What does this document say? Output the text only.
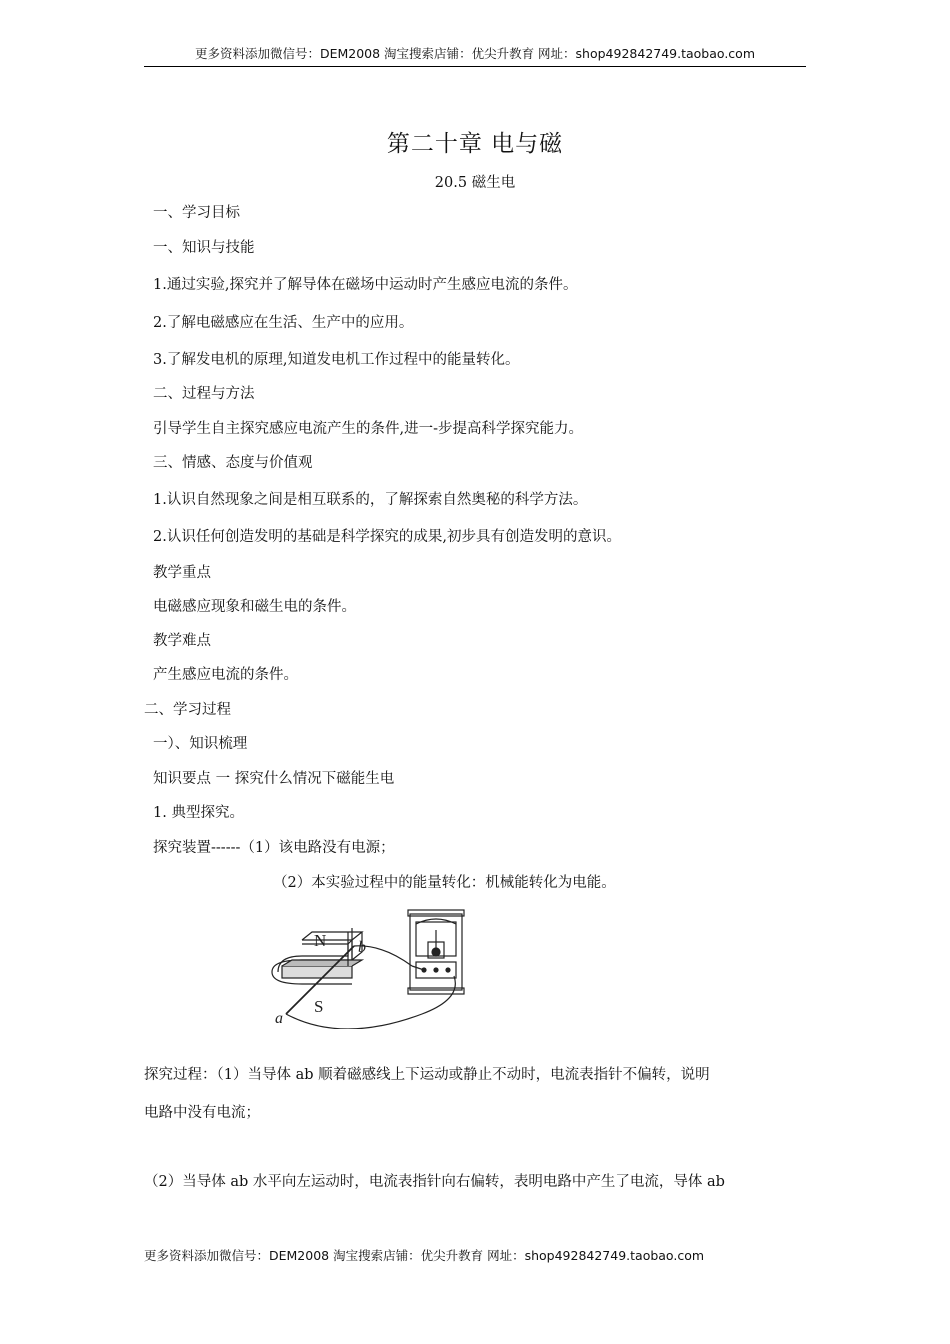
更多资料添加微信号：DEM2008 淘宝搜索店铺：优尖升教育 网址：shop492842749.taobao.com
第二十章 电与磁
20.5 磁生电
一、学习目标
一、知识与技能
1.通过实验,探究并了解导体在磁场中运动时产生感应电流的条件。
2.了解电磁感应在生活、生产中的应用。
3.了解发电机的原理,知道发电机工作过程中的能量转化。
二、过程与方法
引导学生自主探究感应电流产生的条件,进一-步提高科学探究能力。
三、情感、态度与价值观
1.认识自然现象之间是相互联系的，了解探索自然奥秘的科学方法。
2.认识任何创造发明的基础是科学探究的成果,初步具有创造发明的意识。
教学重点
电磁感应现象和磁生电的条件。
教学难点
产生感应电流的条件。
二、学习过程
一）、知识梳理
知识要点 一 探究什么情况下磁能生电
1. 典型探究。
探究装置------（1）该电路没有电源；
（2）本实验过程中的能量转化：机械能转化为电能。
N
S
a
b
探究过程：（1）当导体 ab 顺着磁感线上下运动或静止不动时，电流表指针不偏转，说明
电路中没有电流；
（2）当导体 ab 水平向左运动时，电流表指针向右偏转，表明电路中产生了电流，导体 ab
更多资料添加微信号：DEM2008 淘宝搜索店铺：优尖升教育 网址：shop492842749.taobao.com
